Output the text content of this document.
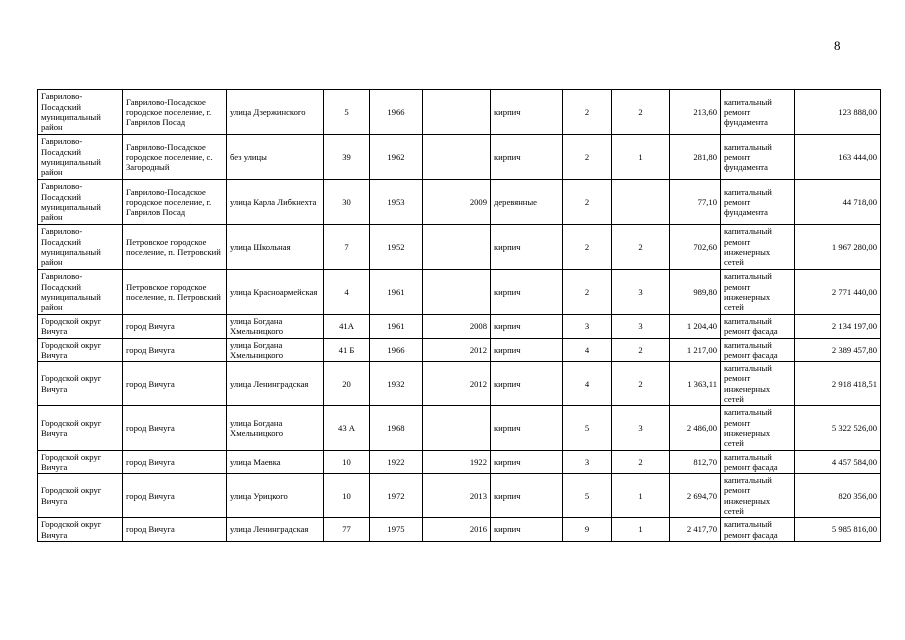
8
Гаврилово-Посадский муниципальный район	Гаврилово-Посадское городское поселение, г. Гаврилов Посад	улица Дзержинского	5	1966		кирпич	2	2	213,60	капитальный ремонт фундамента	123 888,00
Гаврилово-Посадский муниципальный район	Гаврилово-Посадское городское поселение, с. Загородный	без улицы	39	1962		кирпич	2	1	281,80	капитальный ремонт фундамента	163 444,00
Гаврилово-Посадский муниципальный район	Гаврилово-Посадское городское поселение, г. Гаврилов Посад	улица Карла Либкнехта	30	1953	2009	деревянные	2		77,10	капитальный ремонт фундамента	44 718,00
Гаврилово-Посадский муниципальный район	Петровское городское поселение, п. Петровский	улица Школьная	7	1952		кирпич	2	2	702,60	капитальный ремонт инженерных сетей	1 967 280,00
Гаврилово-Посадский муниципальный район	Петровское городское поселение, п. Петровский	улица Красноармейская	4	1961		кирпич	2	3	989,80	капитальный ремонт инженерных сетей	2 771 440,00
Городской округ Вичуга	город Вичуга	улица Богдана Хмельницкого	41А	1961	2008	кирпич	3	3	1 204,40	капитальный ремонт фасада	2 134 197,00
Городской округ Вичуга	город Вичуга	улица Богдана Хмельницкого	41 Б	1966	2012	кирпич	4	2	1 217,00	капитальный ремонт фасада	2 389 457,80
Городской округ Вичуга	город Вичуга	улица Ленинградская	20	1932	2012	кирпич	4	2	1 363,11	капитальный ремонт инженерных сетей	2 918 418,51
Городской округ Вичуга	город Вичуга	улица Богдана Хмельницкого	43 А	1968		кирпич	5	3	2 486,00	капитальный ремонт инженерных сетей	5 322 526,00
Городской округ Вичуга	город Вичуга	улица Маевка	10	1922	1922	кирпич	3	2	812,70	капитальный ремонт фасада	4 457 584,00
Городской округ Вичуга	город Вичуга	улица Урицкого	10	1972	2013	кирпич	5	1	2 694,70	капитальный ремонт инженерных сетей	820 356,00
Городской округ Вичуга	город Вичуга	улица Ленинградская	77	1975	2016	кирпич	9	1	2 417,70	капитальный ремонт фасада	5 985 816,00
